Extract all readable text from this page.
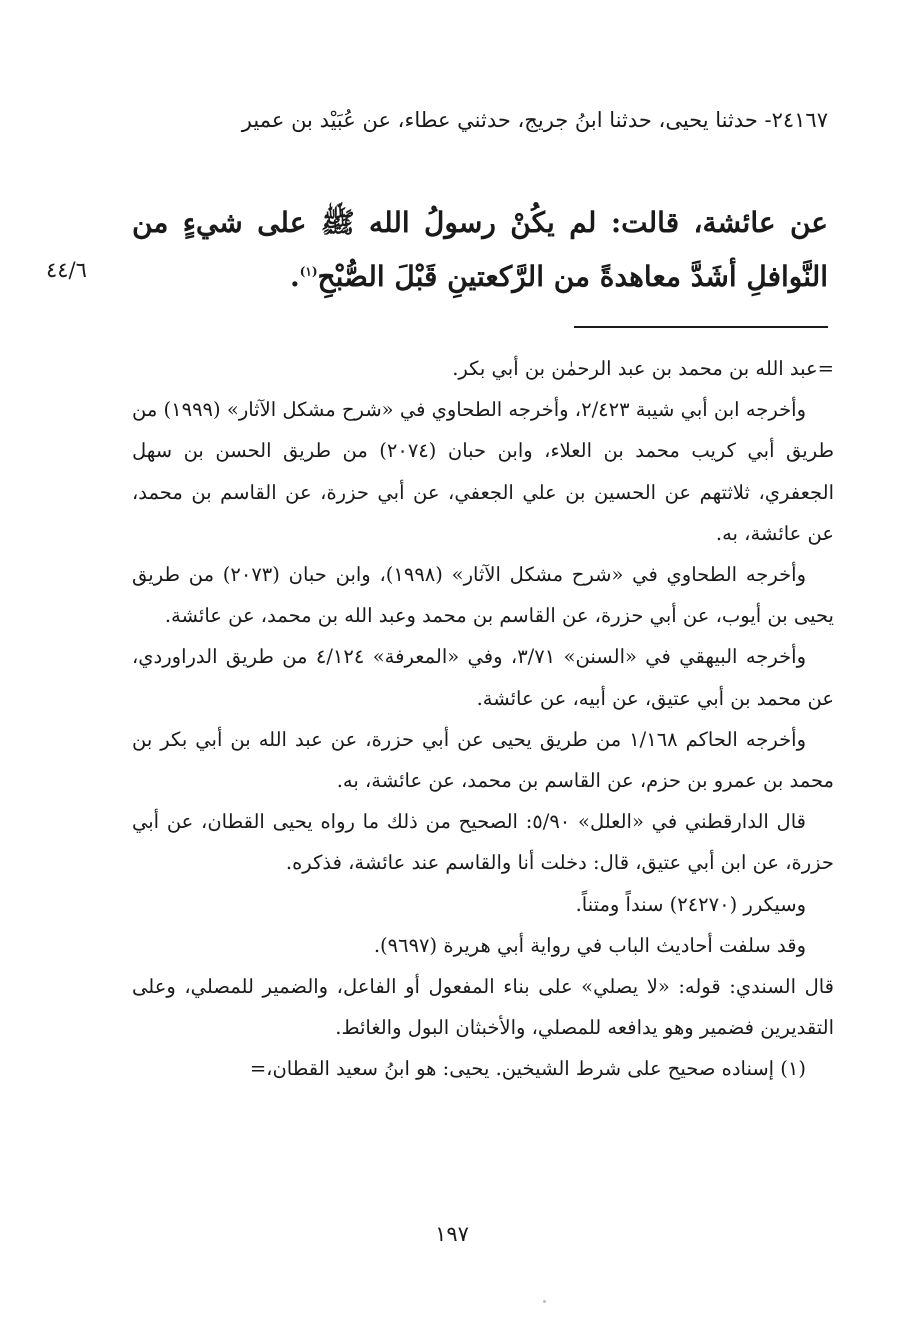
٢٤١٦٧- حدثنا يحيى، حدثنا ابنُ جريج، حدثني عطاء، عن عُبَيْد بن عمير
عن عائشة، قالت: لم يكُنْ رسولُ الله ﷺ على شيءٍ من النَّوافلِ أشَدَّ معاهدةً من الرَّكعتينِ قَبْلَ الصُّبْحِ$^{(١)}$.
٤٤/٦

=عبد الله بن محمد بن عبد الرحمٰن بن أبي بكر.

وأخرجه ابن أبي شيبة ٢/٤٢٣، وأخرجه الطحاوي في «شرح مشكل الآثار» (١٩٩٩) من طريق أبي كريب محمد بن العلاء، وابن حبان (٢٠٧٤) من طريق الحسن بن سهل الجعفري، ثلاثتهم عن الحسين بن علي الجعفي، عن أبي حزرة، عن القاسم بن محمد، عن عائشة، به.

وأخرجه الطحاوي في «شرح مشكل الآثار» (١٩٩٨)، وابن حبان (٢٠٧٣) من طريق يحيى بن أيوب، عن أبي حزرة، عن القاسم بن محمد وعبد الله بن محمد، عن عائشة.

وأخرجه البيهقي في «السنن» ٣/٧١، وفي «المعرفة» ٤/١٢٤ من طريق الدراوردي، عن محمد بن أبي عتيق، عن أبيه، عن عائشة.

وأخرجه الحاكم ١/١٦٨ من طريق يحيى عن أبي حزرة، عن عبد الله بن أبي بكر بن محمد بن عمرو بن حزم، عن القاسم بن محمد، عن عائشة، به.

قال الدارقطني في «العلل» ٥/٩٠: الصحيح من ذلك ما رواه يحيى القطان، عن أبي حزرة، عن ابن أبي عتيق، قال: دخلت أنا والقاسم عند عائشة، فذكره.

وسيكرر (٢٤٢٧٠) سنداً ومتناً.

وقد سلفت أحاديث الباب في رواية أبي هريرة (٩٦٩٧).

قال السندي: قوله: «لا يصلي» على بناء المفعول أو الفاعل، والضمير للمصلي، وعلى التقديرين فضمير وهو يدافعه للمصلي، والأخبثان البول والغائط.

(١) إسناده صحيح على شرط الشيخين. يحيى: هو ابنُ سعيد القطان،=

١٩٧
